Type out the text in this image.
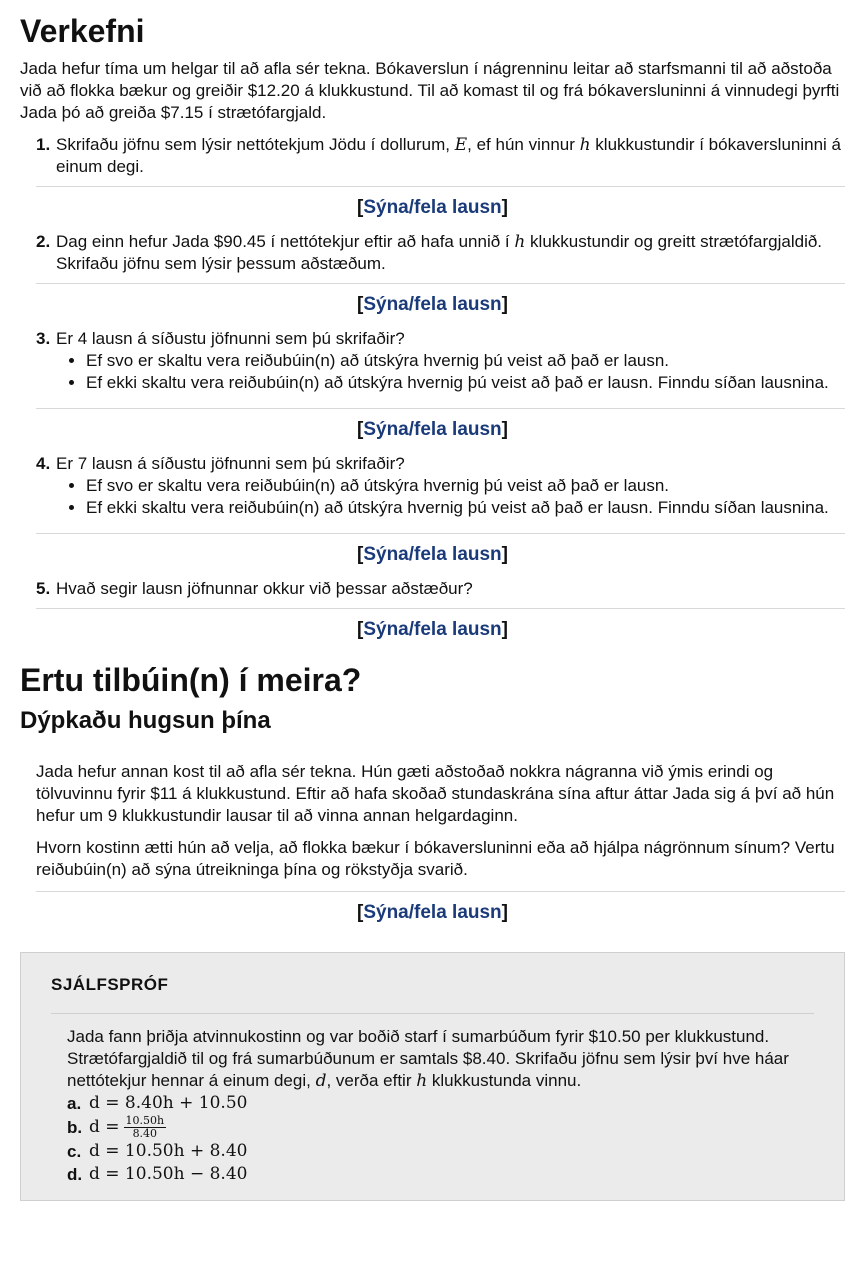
Verkefni

Jada hefur tíma um helgar til að afla sér tekna. Bókaverslun í nágrenninu leitar að starfsmanni til að aðstoða við að flokka bækur og greiðir $12.20 á klukkustund. Til að komast til og frá bókaversluninni á vinnudegi þyrfti Jada þó að greiða $7.15 í strætófargjald.

1. Skrifaðu jöfnu sem lýsir nettótekjum Jödu í dollurum, E, ef hún vinnur h klukkustundir í bókaversluninni á einum degi.
[Sýna/fela lausn]
2. Dag einn hefur Jada $90.45 í nettótekjur eftir að hafa unnið í h klukkustundir og greitt strætófargjaldið. Skrifaðu jöfnu sem lýsir þessum aðstæðum.
[Sýna/fela lausn]
3. Er 4 lausn á síðustu jöfnunni sem þú skrifaðir?
• Ef svo er skaltu vera reiðubúin(n) að útskýra hvernig þú veist að það er lausn.
• Ef ekki skaltu vera reiðubúin(n) að útskýra hvernig þú veist að það er lausn. Finndu síðan lausnina.
[Sýna/fela lausn]
4. Er 7 lausn á síðustu jöfnunni sem þú skrifaðir?
• Ef svo er skaltu vera reiðubúin(n) að útskýra hvernig þú veist að það er lausn.
• Ef ekki skaltu vera reiðubúin(n) að útskýra hvernig þú veist að það er lausn. Finndu síðan lausnina.
[Sýna/fela lausn]
5. Hvað segir lausn jöfnunnar okkur við þessar aðstæður?
[Sýna/fela lausn]
Ertu tilbúin(n) í meira?
Dýpkaðu hugsun þína

Jada hefur annan kost til að afla sér tekna. Hún gæti aðstoðað nokkra nágranna við ýmis erindi og tölvuvinnu fyrir $11 á klukkustund. Eftir að hafa skoðað stundaskrána sína aftur áttar Jada sig á því að hún hefur um 9 klukkustundir lausar til að vinna annan helgardaginn.

Hvorn kostinn ætti hún að velja, að flokka bækur í bókaversluninni eða að hjálpa nágrönnum sínum? Vertu reiðubúin(n) að sýna útreikninga þína og rökstyðja svarið.

[Sýna/fela lausn]
SJÁLFSPRÓF
Jada fann þriðja atvinnukostinn og var boðið starf í sumarbúðum fyrir $10.50 per klukkustund. Strætófargjaldið til og frá sumarbúðunum er samtals $8.40. Skrifaðu jöfnu sem lýsir því hve háar nettótekjur hennar á einum degi, d, verða eftir h klukkustunda vinnu.
a. d = 8.40h + 10.50
b. $d = \frac{10.50h}{8.40}$
c. d = 10.50h + 8.40
d. d = 10.50h − 8.40
